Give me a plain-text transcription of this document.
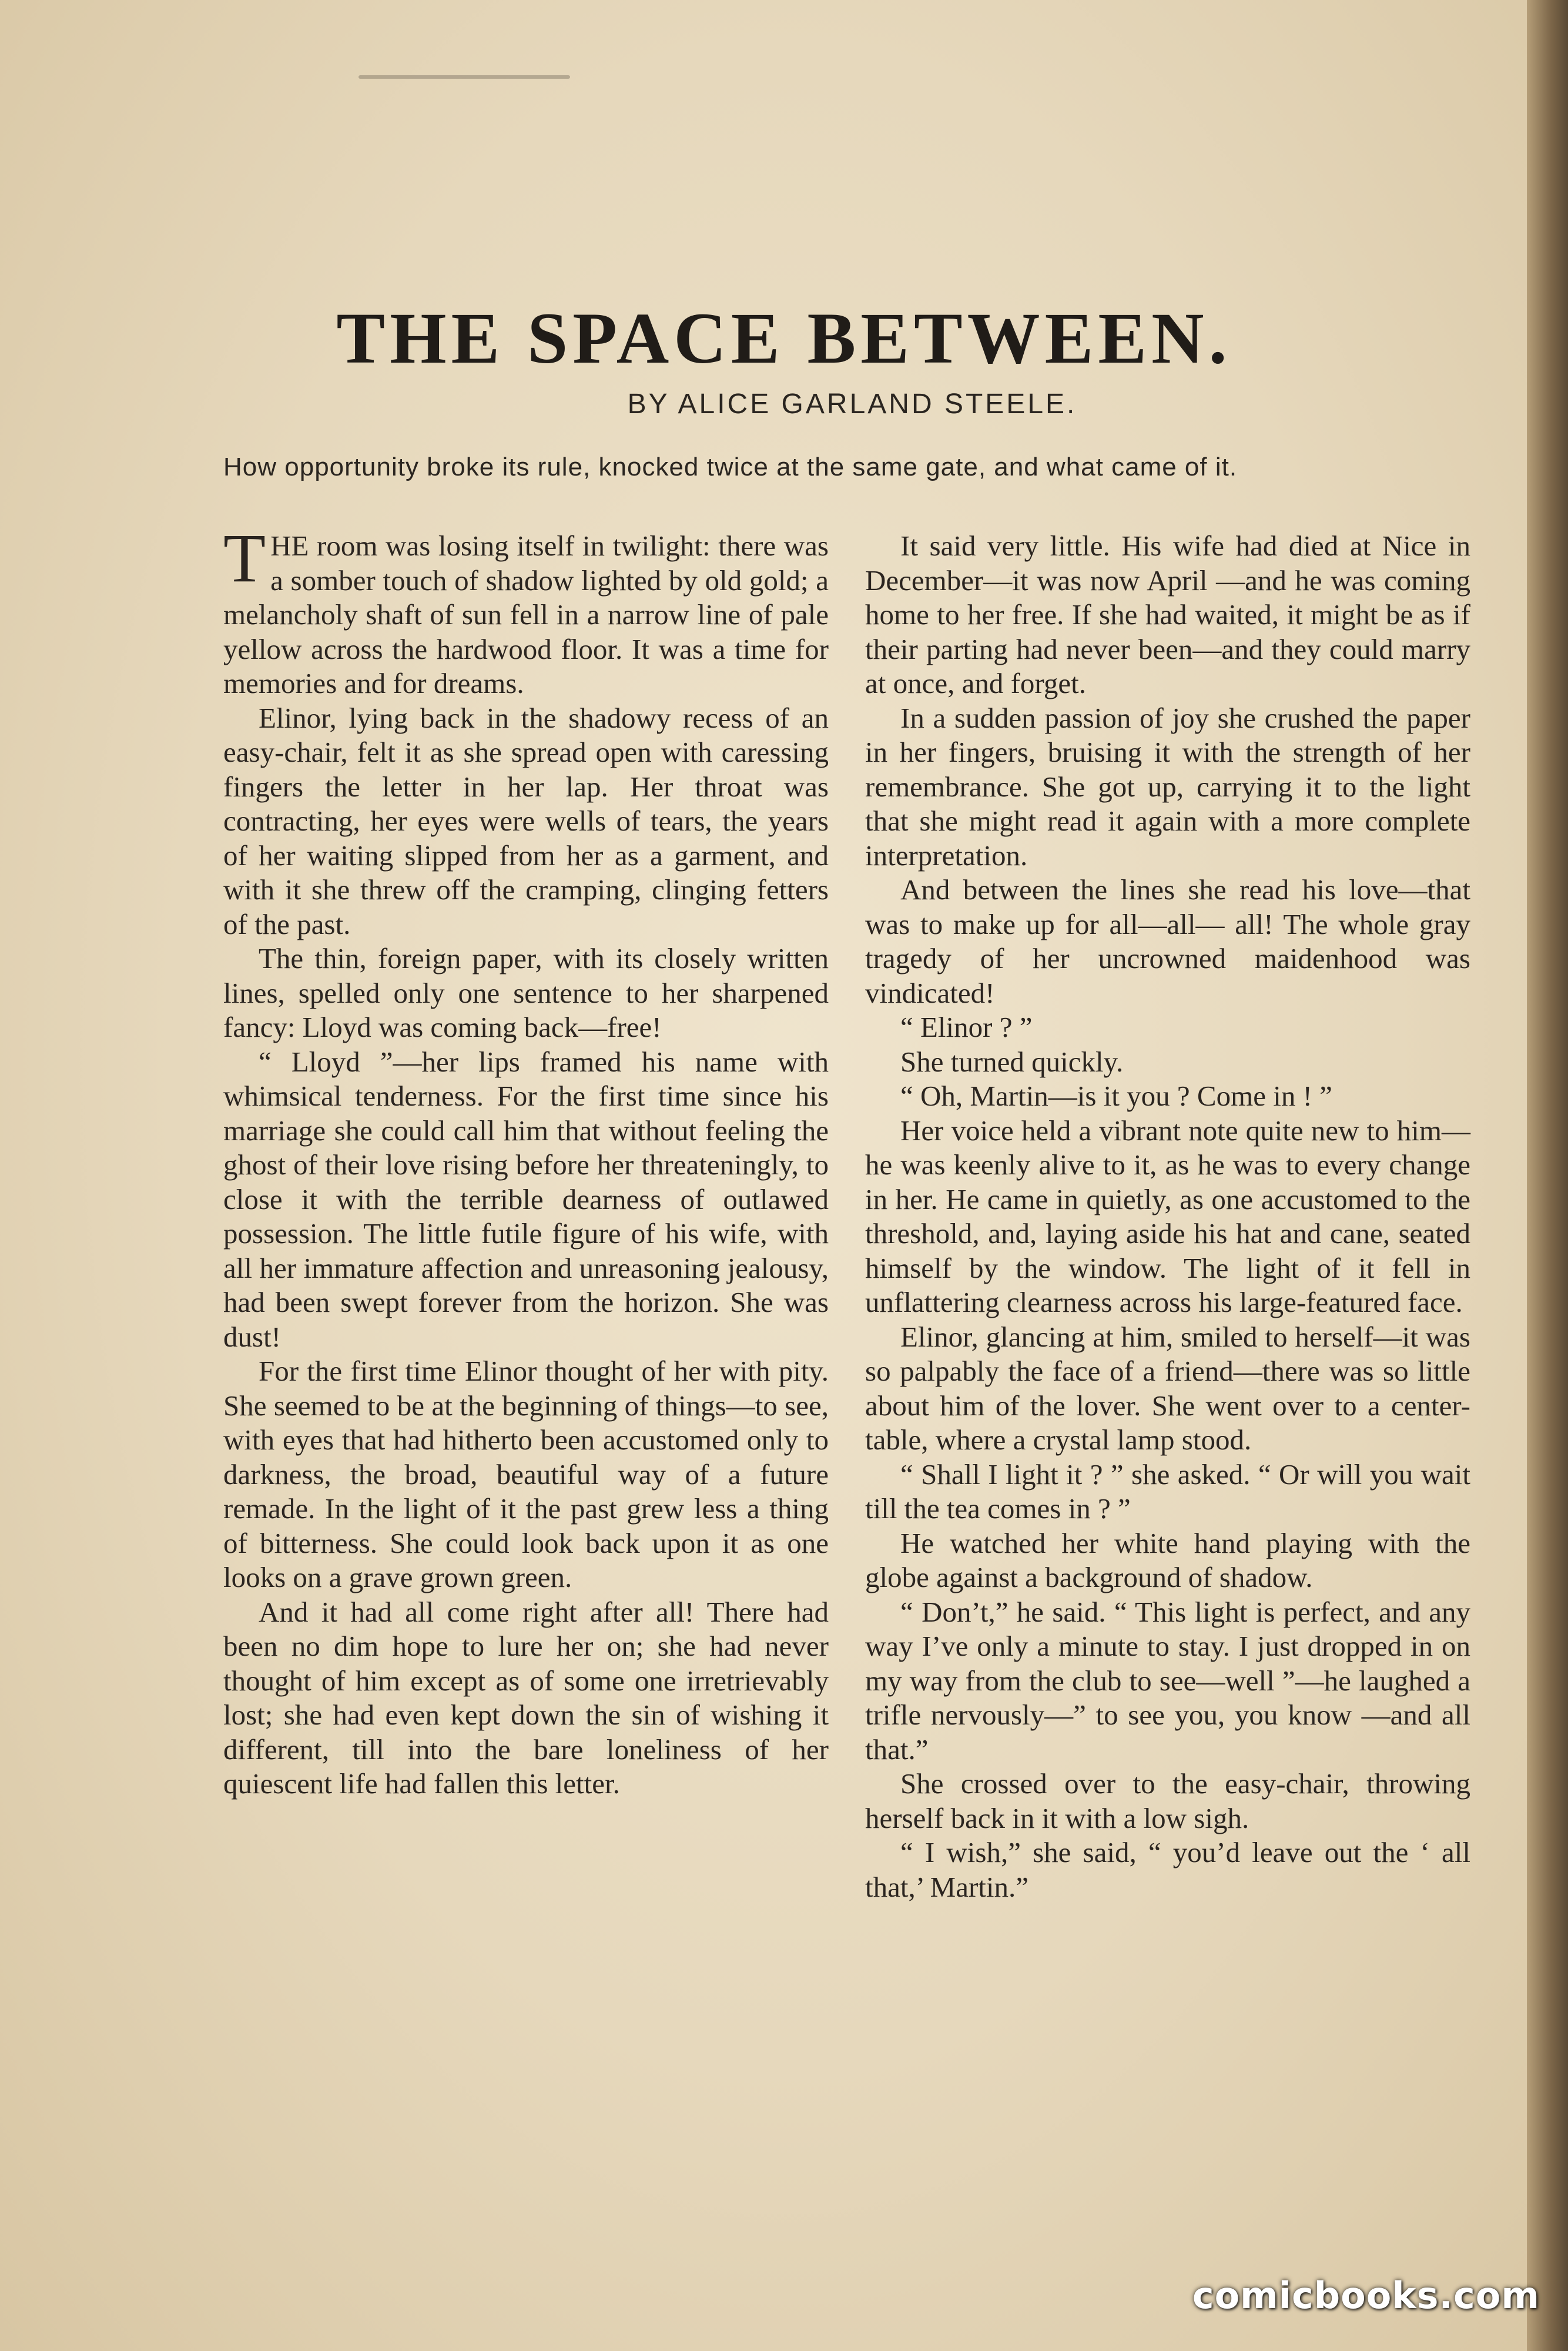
THE SPACE BETWEEN.
BY ALICE GARLAND STEELE.
How opportunity broke its rule, knocked twice at the same gate, and what came of it.

THE room was losing itself in twilight: there was a somber touch of shadow lighted by old gold; a melancholy shaft of sun fell in a narrow line of pale yellow across the hardwood floor. It was a time for memories and for dreams.

Elinor, lying back in the shadowy recess of an easy-chair, felt it as she spread open with caressing fingers the letter in her lap. Her throat was contracting, her eyes were wells of tears, the years of her waiting slipped from her as a garment, and with it she threw off the cramping, clinging fetters of the past.

The thin, foreign paper, with its closely written lines, spelled only one sentence to her sharpened fancy: Lloyd was coming back—free!

“ Lloyd ”—her lips framed his name with whimsical tenderness. For the first time since his marriage she could call him that without feeling the ghost of their love rising before her threateningly, to close it with the terrible dearness of outlawed possession. The little futile figure of his wife, with all her immature affection and unreasoning jealousy, had been swept forever from the horizon. She was dust!

For the first time Elinor thought of her with pity. She seemed to be at the beginning of things—to see, with eyes that had hitherto been accustomed only to darkness, the broad, beautiful way of a future remade. In the light of it the past grew less a thing of bitterness. She could look back upon it as one looks on a grave grown green.

And it had all come right after all! There had been no dim hope to lure her on; she had never thought of him except as of some one irretrievably lost; she had even kept down the sin of wishing it different, till into the bare loneliness of her quiescent life had fallen this letter.

It said very little. His wife had died at Nice in December—it was now April —and he was coming home to her free. If she had waited, it might be as if their parting had never been—and they could marry at once, and forget.

In a sudden passion of joy she crushed the paper in her fingers, bruising it with the strength of her remembrance. She got up, carrying it to the light that she might read it again with a more complete interpretation.

And between the lines she read his love—that was to make up for all—all— all! The whole gray tragedy of her uncrowned maidenhood was vindicated!

“ Elinor ? ”

She turned quickly.

“ Oh, Martin—is it you ? Come in ! ”

Her voice held a vibrant note quite new to him—he was keenly alive to it, as he was to every change in her. He came in quietly, as one accustomed to the threshold, and, laying aside his hat and cane, seated himself by the window. The light of it fell in unflattering clearness across his large-featured face.

Elinor, glancing at him, smiled to herself—it was so palpably the face of a friend—there was so little about him of the lover. She went over to a center-table, where a crystal lamp stood.

“ Shall I light it ? ” she asked. “ Or will you wait till the tea comes in ? ”

He watched her white hand playing with the globe against a background of shadow.

“ Don’t,” he said. “ This light is perfect, and any way I’ve only a minute to stay. I just dropped in on my way from the club to see—well ”—he laughed a trifle nervously—” to see you, you know —and all that.”

She crossed over to the easy-chair, throwing herself back in it with a low sigh.

“ I wish,” she said, “ you’d leave out the ‘ all that,’ Martin.”

comicbooks.com
